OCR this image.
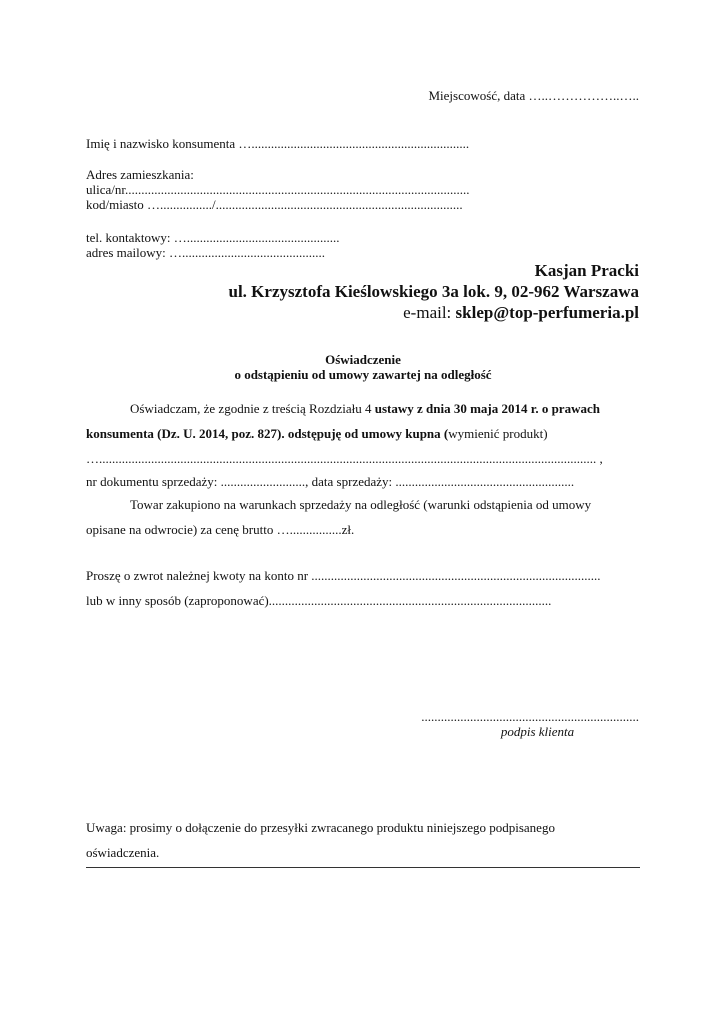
Miejscowość, data …..……………..…..
Imię i nazwisko konsumenta …...................................................................
Adres zamieszkania:
ulica/nr..........................................................................................................
kod/miasto …................/............................................................................
tel. kontaktowy: …...............................................
adres mailowy: …............................................
Kasjan Pracki
ul. Krzysztofa Kieślowskiego 3a lok. 9, 02-962 Warszawa
e-mail: sklep@top-perfumeria.pl
Oświadczenie
o odstąpieniu od umowy zawartej na odległość
Oświadczam, że zgodnie z treścią Rozdziału 4 ustawy z dnia 30 maja 2014 r. o prawach
konsumenta (Dz. U. 2014, poz. 827). odstępuję od umowy kupna (wymienić produkt)
…......................................................................................................................................................... ,
nr dokumentu sprzedaży: .........................., data sprzedaży: .......................................................
Towar zakupiono na warunkach sprzedaży na odległość (warunki odstąpienia od umowy
opisane na odwrocie) za cenę brutto …................zł.
Proszę o zwrot należnej kwoty na konto nr .........................................................................................
lub w inny sposób (zaproponować).......................................................................................
...................................................................
podpis klienta
Uwaga: prosimy o dołączenie do przesyłki zwracanego produktu niniejszego podpisanego
oświadczenia.
